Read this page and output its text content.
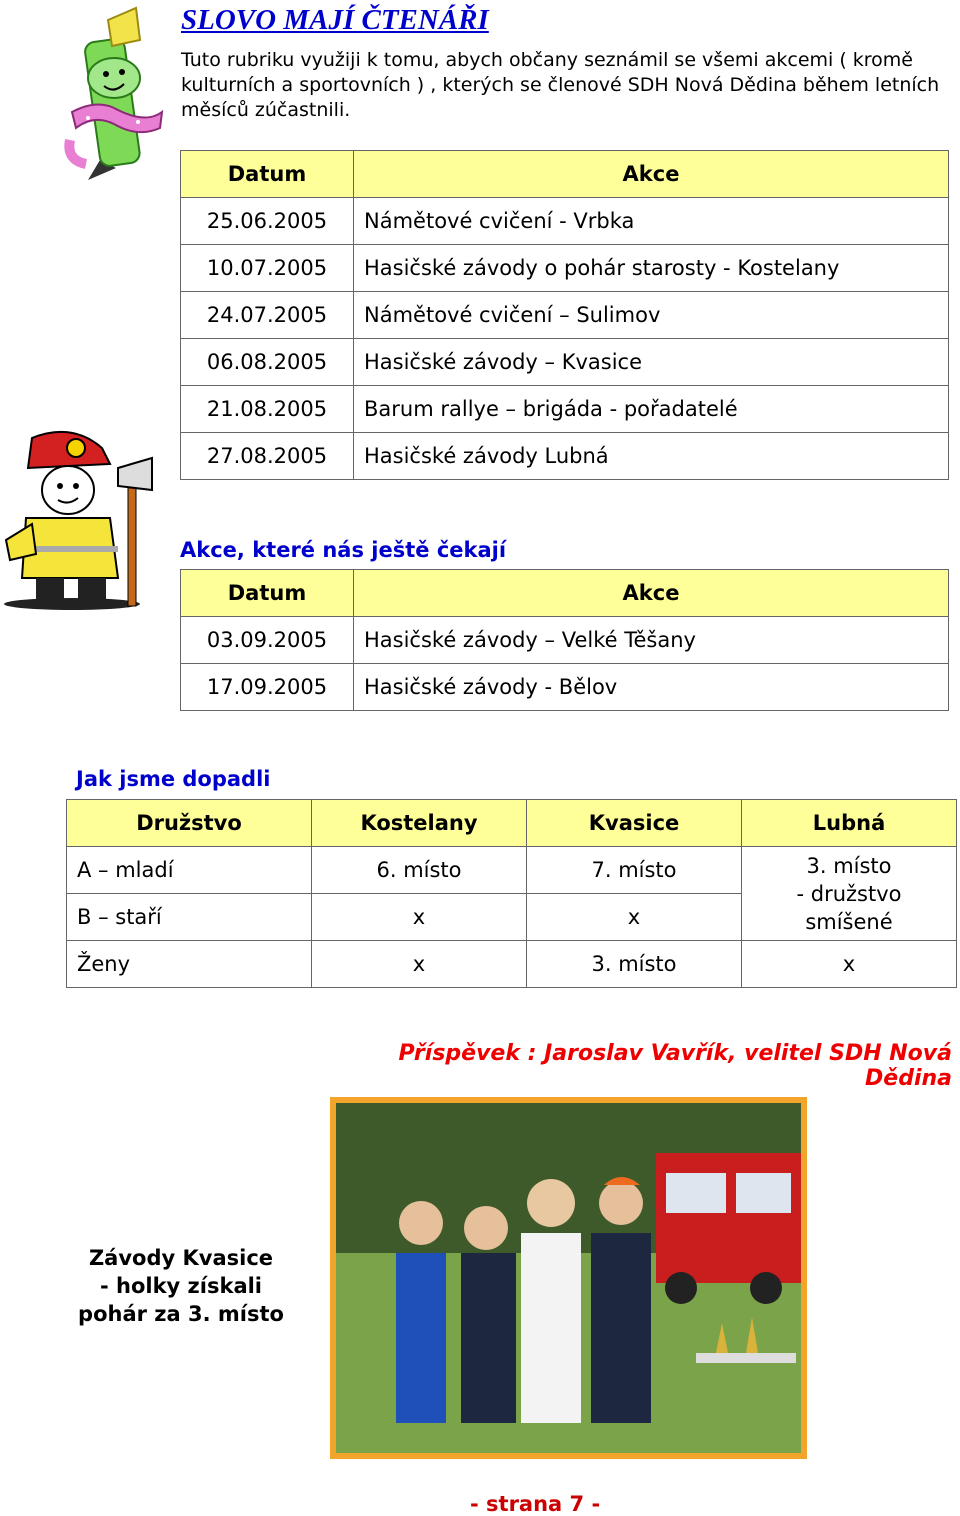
SLOVO MAJÍ ČTENÁŘI

Tuto rubriku využiji k tomu, abych občany seznámil se všemi akcemi ( kromě kulturních a sportovních ) , kterých se členové SDH Nová Dědina během letních měsíců zúčastnili.

Datum	Akce
25.06.2005	Námětové cvičení - Vrbka
10.07.2005	Hasičské závody o pohár starosty - Kostelany
24.07.2005	Námětové cvičení – Sulimov
06.08.2005	Hasičské závody – Kvasice
21.08.2005	Barum rallye – brigáda - pořadatelé
27.08.2005	Hasičské závody Lubná
Akce, které nás ještě čekají
Datum	Akce
03.09.2005	Hasičské závody – Velké Těšany
17.09.2005	Hasičské závody - Bělov
Jak jsme dopadli
Družstvo	Kostelany	Kvasice	Lubná
A – mladí	6. místo	7. místo	3. místo
- družstvo
smíšené

B – staří	x	x	
Ženy	x	3. místo	x
Příspěvek : Jaroslav Vavřík, velitel SDH Nová Dědina
Závody Kvasice
- holky získali
pohár za 3. místo
- strana 7 -
